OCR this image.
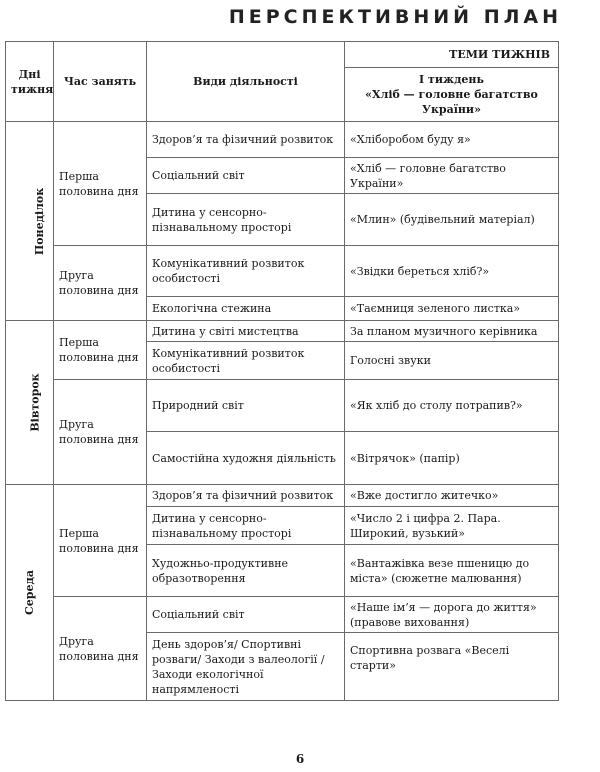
ПЕРСПЕКТИВНИЙ ПЛАН
Дні тижня	Час занять	Види діяльності	ТЕМИ ТИЖНІВ

			І тиждень
«Хліб — головне багатство України»

Понеділок	Перша половина дня	Здоров’я та фізичний розвиток	«Хліборобом буду я»
		Соціальний світ	«Хліб — головне багатство України»
		Дитина у сенсорно-пізнавальному просторі	«Млин» (будівельний матеріал)
	Друга половина дня	Комунікативний розвиток особистості	«Звідки береться хліб?»
		Екологічна стежина	«Таємниця зеленого листка»
Вівторок	Перша половина дня	Дитина у світі мистецтва	За планом музичного керівника
		Комунікативний розвиток особистості	Голосні звуки
	Друга половина дня	Природний світ	«Як хліб до столу потрапив?»
		Самостійна художня діяльність	«Вітрячок» (папір)
Середа	Перша половина дня	Здоров’я та фізичний розвиток	«Вже достигло житечко»
		Дитина у сенсорно-пізнавальному просторі	«Число 2 і цифра 2. Пара. Широкий, вузький»
		Художньо-продуктивне образотворення	«Вантажівка везе пшеницю до міста» (сюжетне малювання)
	Друга половина дня	Соціальний світ	«Наше ім’я — дорога до життя» (правове виховання)
		День здоров’я/ Спортивні розваги/ Заходи з валеології / Заходи екологічної напрямленості	Спортивна розвага «Веселі старти»
6
